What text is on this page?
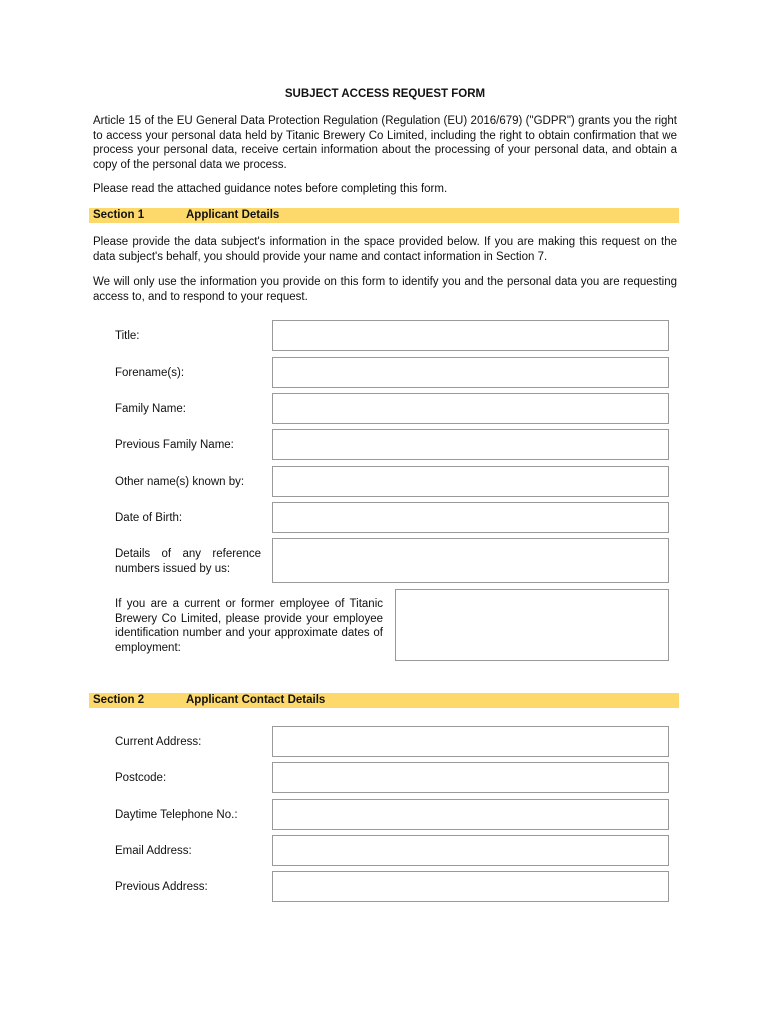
SUBJECT ACCESS REQUEST FORM

Article 15 of the EU General Data Protection Regulation (Regulation (EU) 2016/679) ("GDPR") grants you the right to access your personal data held by Titanic Brewery Co Limited, including the right to obtain confirmation that we process your personal data, receive certain information about the processing of your personal data, and obtain a copy of the personal data we process.

Please read the attached guidance notes before completing this form.

Section 1	Applicant Details

Please provide the data subject's information in the space provided below. If you are making this request on the data subject's behalf, you should provide your name and contact information in Section 7.

We will only use the information you provide on this form to identify you and the personal data you are requesting access to, and to respond to your request.

Title:
Forename(s):
Family Name:
Previous Family Name:
Other name(s) known by:
Date of Birth:
Details of any reference numbers issued by us:
If you are a current or former employee of Titanic Brewery Co Limited, please provide your employee identification number and your approximate dates of employment:
Section 2	Applicant Contact Details
Current Address:
Postcode:
Daytime Telephone No.:
Email Address:
Previous Address:
